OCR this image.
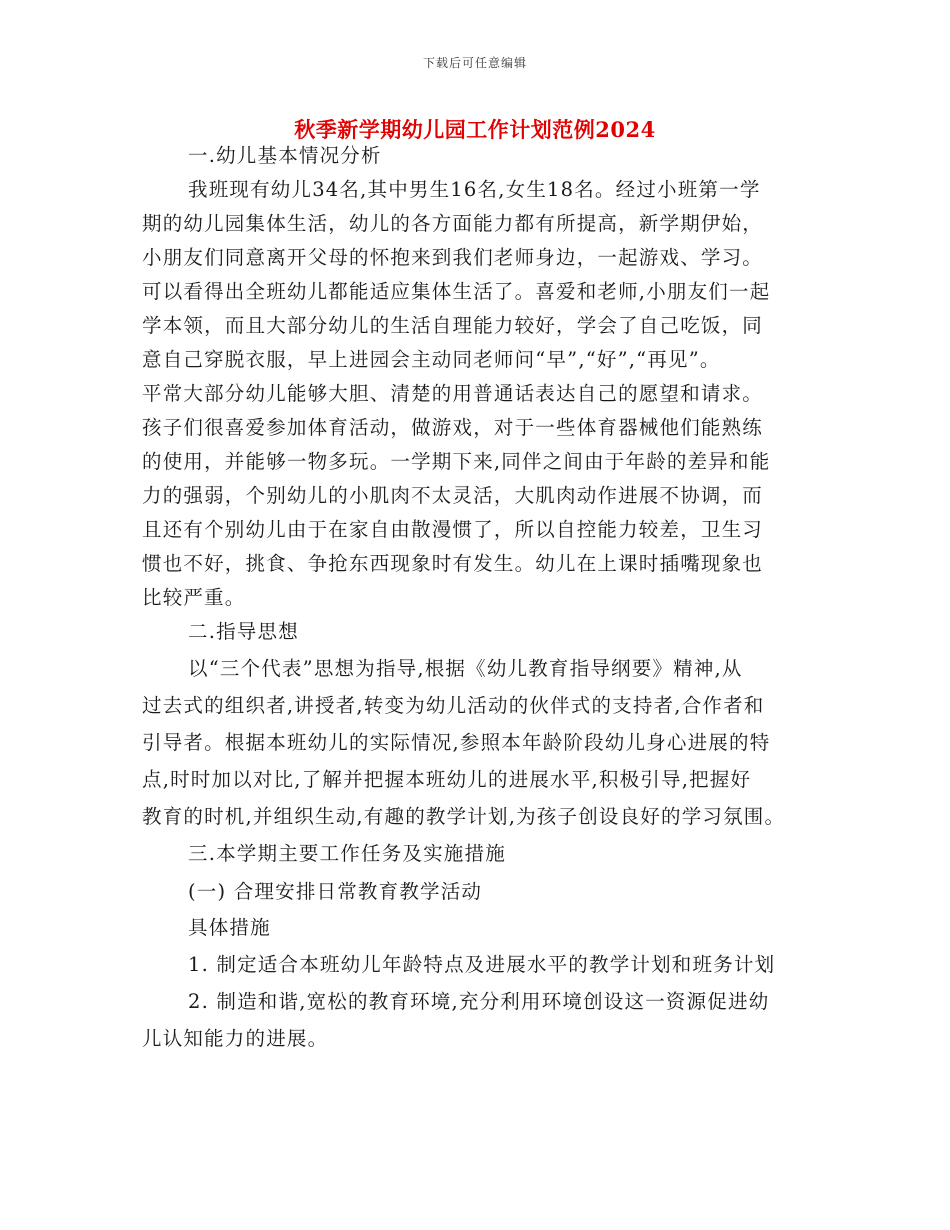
下载后可任意编辑
秋季新学期幼儿园工作计划范例2024
一.幼儿基本情况分析
我班现有幼儿34名,其中男生16名,女生18名。经过小班第一学
期的幼儿园集体生活，幼儿的各方面能力都有所提高，新学期伊始，
小朋友们同意离开父母的怀抱来到我们老师身边，一起游戏、学习。
可以看得出全班幼儿都能适应集体生活了。喜爱和老师,小朋友们一起
学本领，而且大部分幼儿的生活自理能力较好，学会了自己吃饭，同
意自己穿脱衣服，早上进园会主动同老师问“早”,“好”,“再见”。
平常大部分幼儿能够大胆、清楚的用普通话表达自己的愿望和请求。
孩子们很喜爱参加体育活动，做游戏，对于一些体育器械他们能熟练
的使用，并能够一物多玩。一学期下来,同伴之间由于年龄的差异和能
力的强弱，个别幼儿的小肌肉不太灵活，大肌肉动作进展不协调，而
且还有个别幼儿由于在家自由散漫惯了，所以自控能力较差，卫生习
惯也不好，挑食、争抢东西现象时有发生。幼儿在上课时插嘴现象也
比较严重。
二.指导思想
以“三个代表”思想为指导,根据《幼儿教育指导纲要》精神,从
过去式的组织者,讲授者,转变为幼儿活动的伙伴式的支持者,合作者和
引导者。根据本班幼儿的实际情况,参照本年龄阶段幼儿身心进展的特
点,时时加以对比,了解并把握本班幼儿的进展水平,积极引导,把握好
教育的时机,并组织生动,有趣的教学计划,为孩子创设良好的学习氛围。
三.本学期主要工作任务及实施措施
(一) 合理安排日常教育教学活动
具体措施
1. 制定适合本班幼儿年龄特点及进展水平的教学计划和班务计划
2. 制造和谐,宽松的教育环境,充分利用环境创设这一资源促进幼
儿认知能力的进展。
